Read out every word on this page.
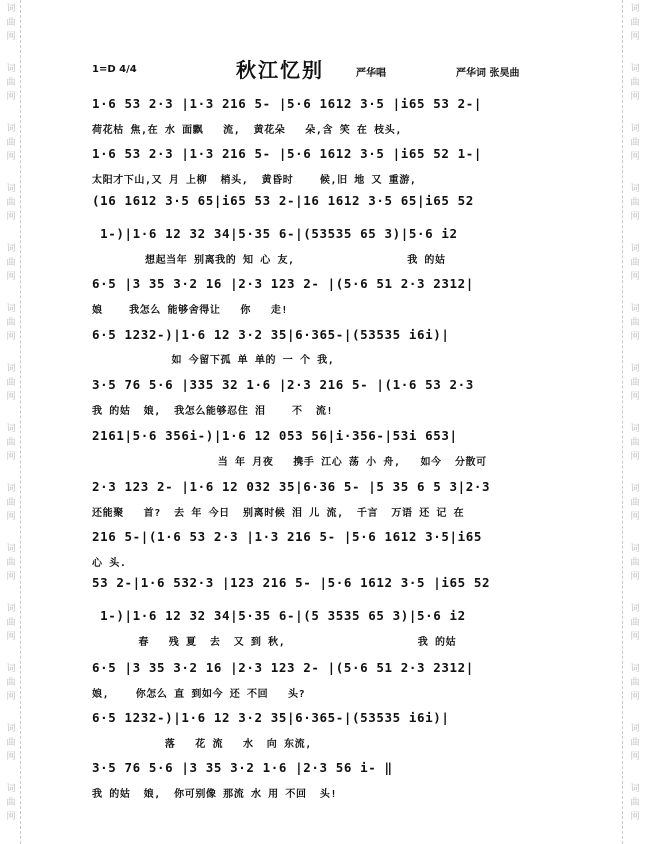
词
曲
网
词
曲
网
词
曲
网
词
曲
网
词
曲
网
词
曲
网
词
曲
网
词
曲
网
词
曲
网
词
曲
网
词
曲
网
词
曲
网
词
曲
网
词
曲
网
词
曲
网
词
曲
网
词
曲
网
词
曲
网
词
曲
网
词
曲
网
词
曲
网
词
曲
网
词
曲
网
词
曲
网
词
曲
网
词
曲
网
词
曲
网
词
曲
网
1=D 4/4	秋江忆别	严华唱	严华词 张昊曲
1·6 53 2·3 |1·3 216 5- |5·6 1612 3·5 |i65 53 2-|
荷花枯 焦,在 水 面飘   流,  黄花朵   朵,含 笑 在 枝头,
1·6 53 2·3 |1·3 216 5- |5·6 1612 3·5 |i65 52 1-|
太阳才下山,又 月 上柳  梢头,  黄昏时    候,旧 地 又 重游,
(16 1612 3·5 65|i65 53 2-|16 1612 3·5 65|i65 52
1-)|1·6 12 32 34|5·35 6-|(53535 65 3)|5·6 i2
想起当年 别离我的 知 心 友,                 我 的姑
6·5 |3 35 3·2 16 |2·3 123 2- |(5·6 51 2·3 2312|
娘    我怎么 能够舍得让   你   走!
6·5 1232-)|1·6 12 3·2 35|6·365-|(53535 i6i)|
如 今留下孤 单 单的 一 个 我,
3·5 76 5·6 |335 32 1·6 |2·3 216 5- |(1·6 53 2·3
我 的姑  娘,  我怎么能够忍住 泪    不  流!
2161|5·6 356i-)|1·6 12 053 56|i·356-|53i 653|
当 年 月夜   携手 江心 荡 小 舟,   如今  分散可
2·3 123 2- |1·6 12 032 35|6·36 5- |5 35 6 5 3|2·3
还能聚   首?  去 年 今日  别离时候 泪 儿 流,  千言  万语 还 记 在
216 5-|(1·6 53 2·3 |1·3 216 5- |5·6 1612 3·5|i65
心 头.
53 2-|1·6 532·3 |123 216 5- |5·6 1612 3·5 |i65 52
1-)|1·6 12 32 34|5·35 6-|(5 3535 65 3)|5·6 i2
春   残 夏  去  又 到 秋,                    我 的姑
6·5 |3 35 3·2 16 |2·3 123 2- |(5·6 51 2·3 2312|
娘,    你怎么 直 到如今 还 不回   头?
6·5 1232-)|1·6 12 3·2 35|6·365-|(53535 i6i)|
落   花 流   水  向 东流,
3·5 76 5·6 |3 35 3·2 1·6 |2·3 56 i- ‖
我 的姑  娘,  你可别像 那流 水 用 不回  头!
